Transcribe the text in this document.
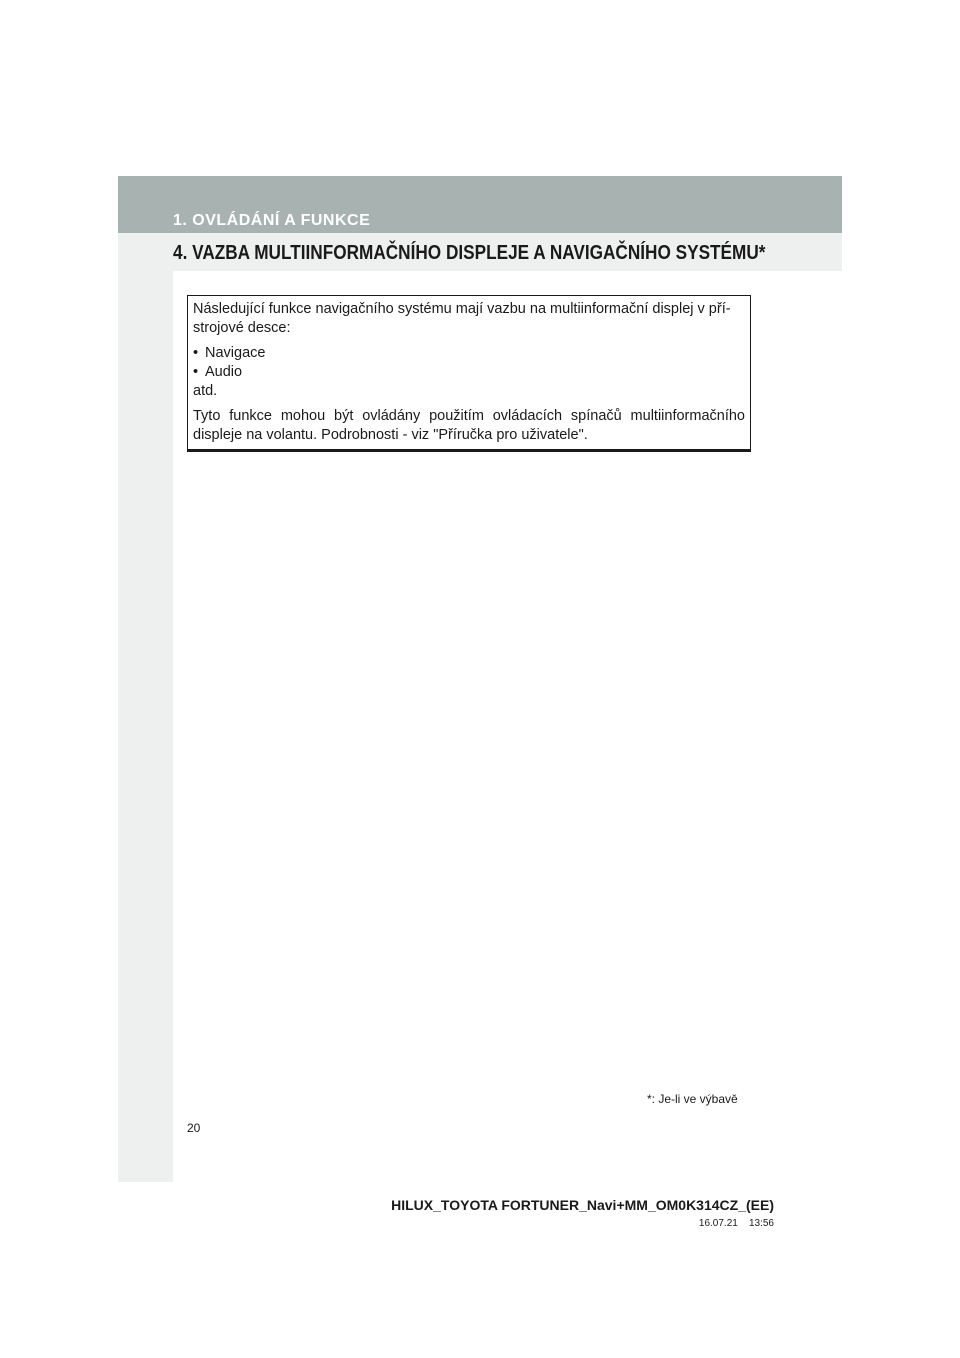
1. OVLÁDÁNÍ A FUNKCE
4. VAZBA MULTIINFORMAČNÍHO DISPLEJE A NAVIGAČNÍHO SYSTÉMU*

Následující funkce navigačního systému mají vazbu na multiinformační displej v pří-
strojové desce:

• Navigace

• Audio

atd.

Tyto funkce mohou být ovládány použitím ovládacích spínačů multiinformačního displeje na volantu. Podrobnosti - viz "Příručka pro uživatele".

*: Je-li ve výbavě
20
HILUX_TOYOTA FORTUNER_Navi+MM_OM0K314CZ_(EE)
16.07.21 13:56
